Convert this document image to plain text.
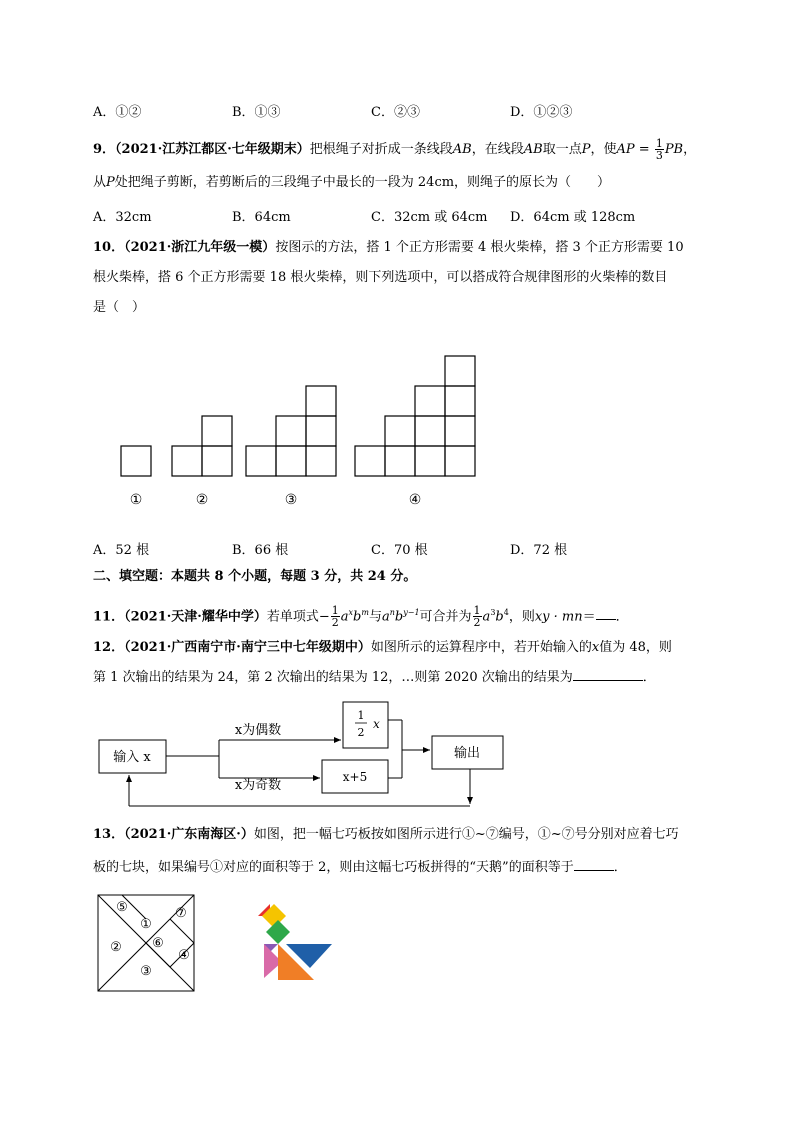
A．①②	B．①③	C．②③	D．①②③
9．（2021·江苏江都区·七年级期末）把根绳子对折成一条线段AB，在线段AB取一点P，使AP = $\frac{1}{3}$ PB，
从P处把绳子剪断，若剪断后的三段绳子中最长的一段为 24cm，则绳子的原长为（　　）
A．32cm	B．64cm	C．32cm 或 64cm D．64cm 或 128cm
10．（2021·浙江九年级一模）按图示的方法，搭 1 个正方形需要 4 根火柴棒，搭 3 个正方形需要 10
根火柴棒，搭 6 个正方形需要 18 根火柴棒，则下列选项中，可以搭成符合规律图形的火柴棒的数目
是（　）
①	②	③	④
A．52 根	B．66 根	C．70 根	D．72 根
二、填空题：本题共 8 个小题，每题 3 分，共 24 分。
11．（2021·天津·耀华中学）若单项式− $\frac{1}{2} a^xb^m$与$a^nb^{y-1}$可合并为 $\frac{1}{2} a^3b^4$，则xy · mn＝ ．
12．（2021·广西南宁市·南宁三中七年级期中）如图所示的运算程序中，若开始输入的x值为 48，则
第 1 次输出的结果为 24，第 2 次输出的结果为 12，…则第 2020 次输出的结果为	．
输入 x
x为偶数
x为奇数
1
2
x
x+5
输出
13．（2021·广东南海区·）如图，把一幅七巧板按如图所示进行①~⑦编号，①~⑦号分别对应着七巧
板的七块，如果编号①对应的面积等于 2，则由这幅七巧板拼得的“天鹅”的面积等于	．
⑤
①
⑦
② ⑥
④
③
